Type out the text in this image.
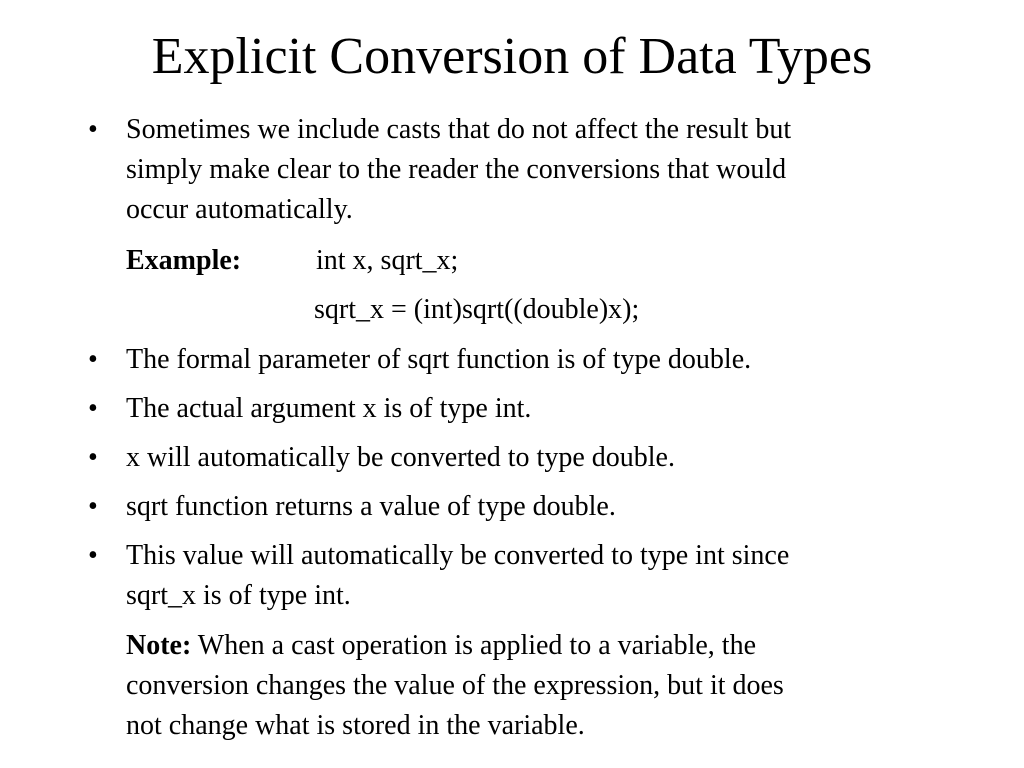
Explicit Conversion of Data Types
• Sometimes we include casts that do not affect the result but
simply make clear to the reader the conversions that would
occur automatically.
Example:	int x, sqrt_x;
sqrt_x = (int)sqrt((double)x);
• The formal parameter of sqrt function is of type double.
• The actual argument x is of type int.
• x will automatically be converted to type double.
• sqrt function returns a value of type double.
• This value will automatically be converted to type int since
sqrt_x is of type int.
Note: When a cast operation is applied to a variable, the
conversion changes the value of the expression, but it does
not change what is stored in the variable.
